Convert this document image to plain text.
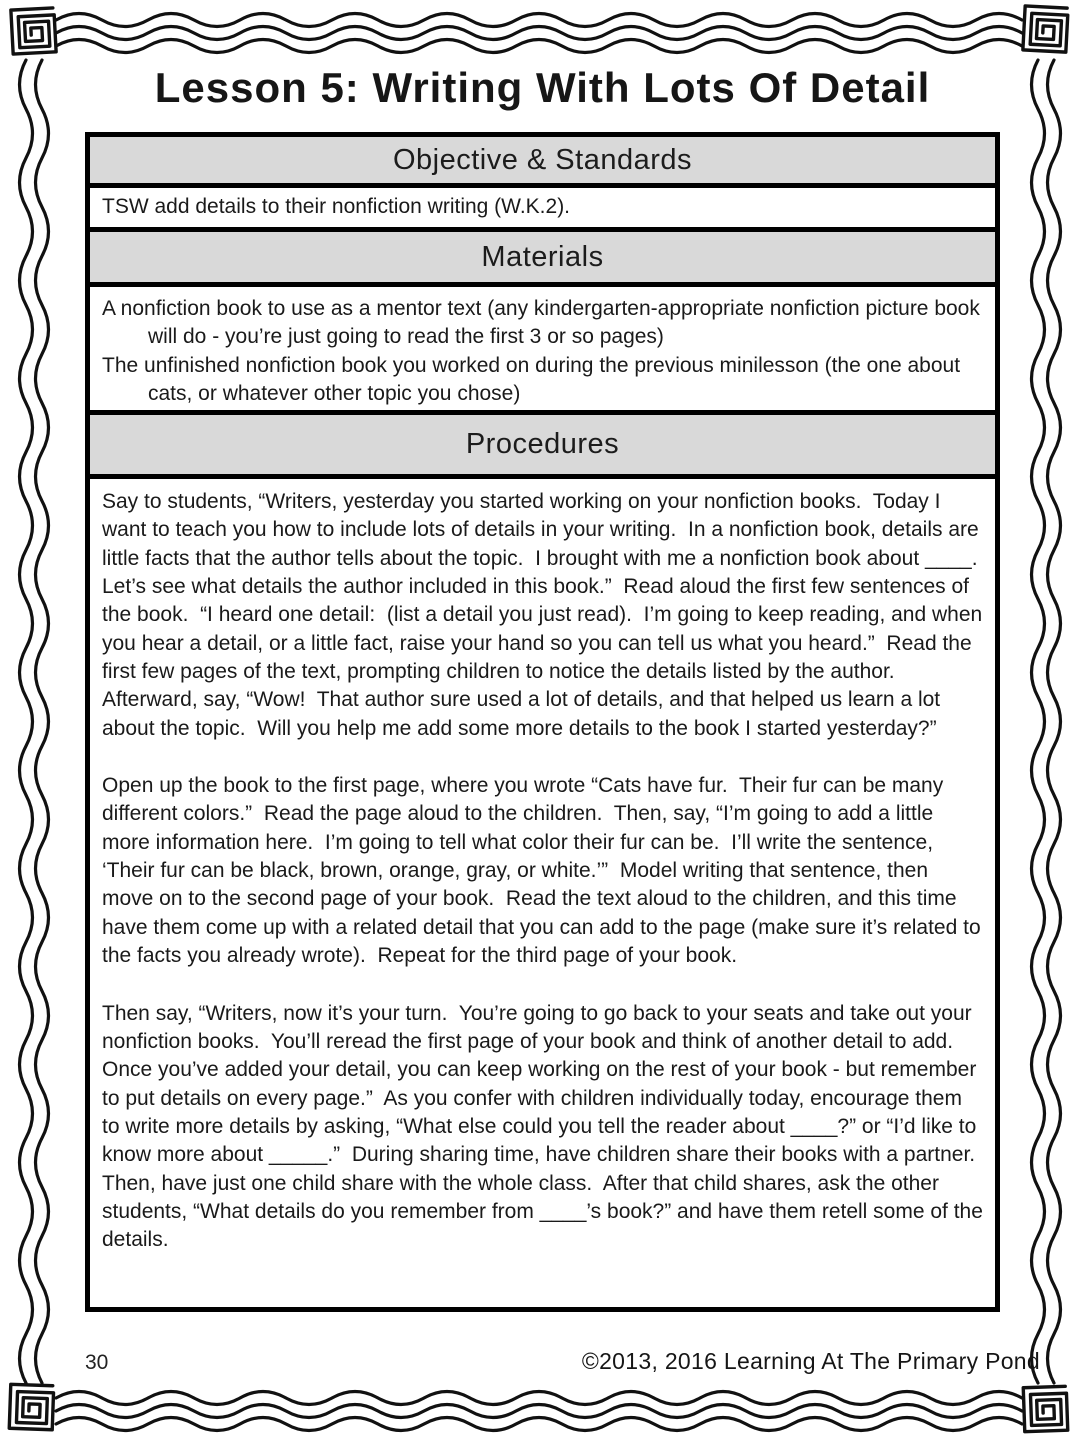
Lesson 5: Writing With Lots Of Detail
Objective & Standards
TSW add details to their nonfiction writing (W.K.2).
Materials
A nonfiction book to use as a mentor text (any kindergarten-appropriate nonfiction picture book will do - you’re just going to read the first 3 or so pages)
The unfinished nonfiction book you worked on during the previous minilesson (the one about cats, or whatever other topic you chose)
Procedures

Say to students, “Writers, yesterday you started working on your nonfiction books.  Today I want to teach you how to include lots of details in your writing.  In a nonfiction book, details are little facts that the author tells about the topic.  I brought with me a nonfiction book about ____.  Let’s see what details the author included in this book.”  Read aloud the first few sentences of the book.  “I heard one detail:  (list a detail you just read).  I’m going to keep reading, and when you hear a detail, or a little fact, raise your hand so you can tell us what you heard.”  Read the first few pages of the text, prompting children to notice the details listed by the author.  Afterward, say, “Wow!  That author sure used a lot of details, and that helped us learn a lot about the topic.  Will you help me add some more details to the book I started yesterday?”

Open up the book to the first page, where you wrote “Cats have fur.  Their fur can be many different colors.”  Read the page aloud to the children.  Then, say, “I’m going to add a little more information here.  I’m going to tell what color their fur can be.  I’ll write the sentence, ‘Their fur can be black, brown, orange, gray, or white.’”  Model writing that sentence, then move on to the second page of your book.  Read the text aloud to the children, and this time have them come up with a related detail that you can add to the page (make sure it’s related to the facts you already wrote).  Repeat for the third page of your book.

Then say, “Writers, now it’s your turn.  You’re going to go back to your seats and take out your nonfiction books.  You’ll reread the first page of your book and think of another detail to add.  Once you’ve added your detail, you can keep working on the rest of your book - but remember to put details on every page.”  As you confer with children individually today, encourage them to write more details by asking, “What else could you tell the reader about ____?” or “I’d like to know more about _____.”  During sharing time, have children share their books with a partner.  Then, have just one child share with the whole class.  After that child shares, ask the other students, “What details do you remember from ____’s book?” and have them retell some of the details.

30	©2013, 2016 Learning At The Primary Pond
